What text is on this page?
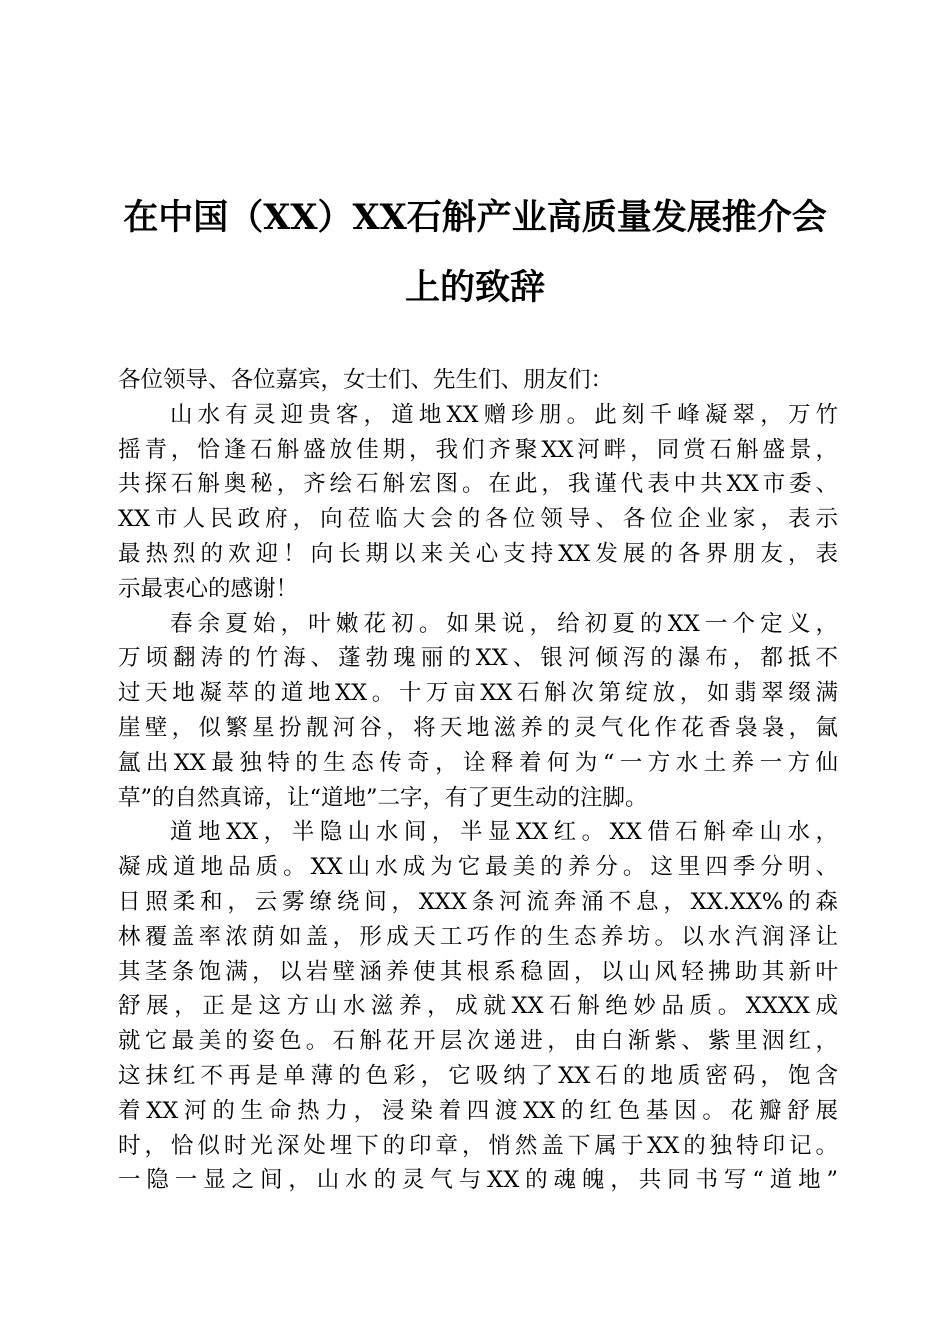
在中国（XX）XX石斛产业高质量发展推介会
上的致辞
各位领导、各位嘉宾，女士们、先生们、朋友们：
山水有灵迎贵客，道地XX赠珍朋。此刻千峰凝翠，万竹
摇青，恰逢石斛盛放佳期，我们齐聚XX河畔，同赏石斛盛景，
共探石斛奥秘，齐绘石斛宏图。在此，我谨代表中共XX市委、
XX市人民政府，向莅临大会的各位领导、各位企业家，表示
最热烈的欢迎！向长期以来关心支持XX发展的各界朋友，表
示最衷心的感谢！
春余夏始，叶嫩花初。如果说，给初夏的XX一个定义，
万顷翻涛的竹海、蓬勃瑰丽的XX、银河倾泻的瀑布，都抵不
过天地凝萃的道地XX。十万亩XX石斛次第绽放，如翡翠缀满
崖壁，似繁星扮靓河谷，将天地滋养的灵气化作花香袅袅，氤
氲出XX最独特的生态传奇，诠释着何为“一方水土养一方仙
草”的自然真谛，让“道地”二字，有了更生动的注脚。
道地XX，半隐山水间，半显XX红。XX借石斛牵山水，
凝成道地品质。XX山水成为它最美的养分。这里四季分明、
日照柔和，云雾缭绕间，XXX条河流奔涌不息，XX.XX%的森
林覆盖率浓荫如盖，形成天工巧作的生态养坊。以水汽润泽让
其茎条饱满，以岩壁涵养使其根系稳固，以山风轻拂助其新叶
舒展，正是这方山水滋养，成就XX石斛绝妙品质。XXXX成
就它最美的姿色。石斛花开层次递进，由白渐紫、紫里洇红，
这抹红不再是单薄的色彩，它吸纳了XX石的地质密码，饱含
着XX河的生命热力，浸染着四渡XX的红色基因。花瓣舒展
时，恰似时光深处埋下的印章，悄然盖下属于XX的独特印记。
一隐一显之间，山水的灵气与XX的魂魄，共同书写“道地”
